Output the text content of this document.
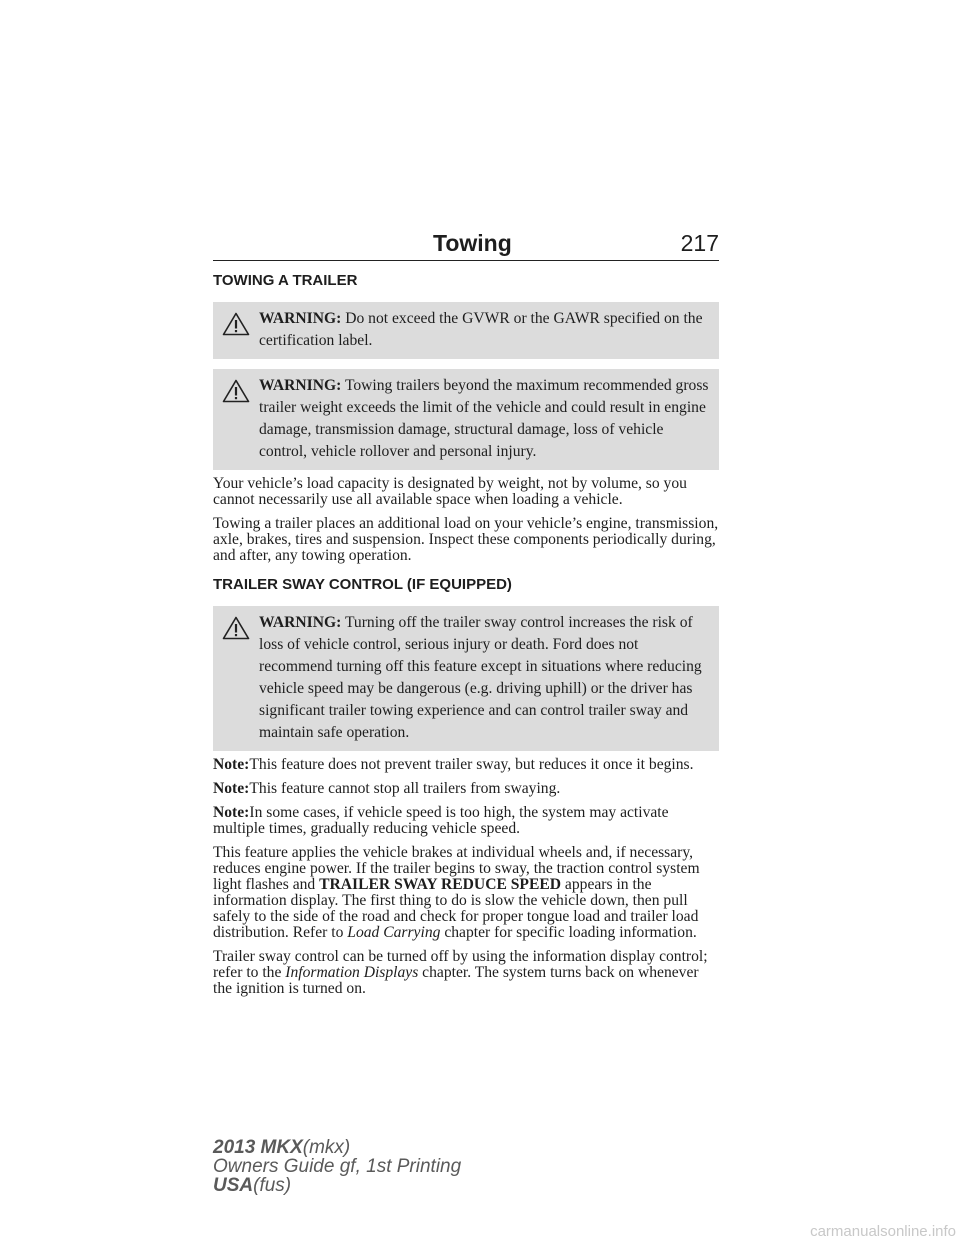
Towing	217
TOWING A TRAILER
WARNING: Do not exceed the GVWR or the GAWR specified on the certification label.
WARNING: Towing trailers beyond the maximum recommended gross trailer weight exceeds the limit of the vehicle and could result in engine damage, transmission damage, structural damage, loss of vehicle control, vehicle rollover and personal injury.

Your vehicle’s load capacity is designated by weight, not by volume, so you cannot necessarily use all available space when loading a vehicle.

Towing a trailer places an additional load on your vehicle’s engine, transmission, axle, brakes, tires and suspension. Inspect these components periodically during, and after, any towing operation.

TRAILER SWAY CONTROL (IF EQUIPPED)
WARNING: Turning off the trailer sway control increases the risk of loss of vehicle control, serious injury or death. Ford does not recommend turning off this feature except in situations where reducing vehicle speed may be dangerous (e.g. driving uphill) or the driver has significant trailer towing experience and can control trailer sway and maintain safe operation.

Note:This feature does not prevent trailer sway, but reduces it once it begins.

Note:This feature cannot stop all trailers from swaying.

Note:In some cases, if vehicle speed is too high, the system may activate multiple times, gradually reducing vehicle speed.

This feature applies the vehicle brakes at individual wheels and, if necessary, reduces engine power. If the trailer begins to sway, the traction control system light flashes and TRAILER SWAY REDUCE SPEED appears in the information display. The first thing to do is slow the vehicle down, then pull safely to the side of the road and check for proper tongue load and trailer load distribution. Refer to Load Carrying chapter for specific loading information.

Trailer sway control can be turned off by using the information display control; refer to the Information Displays chapter. The system turns back on whenever the ignition is turned on.

2013 MKX(mkx)
Owners Guide gf, 1st Printing
USA(fus)
carmanualsonline.info
